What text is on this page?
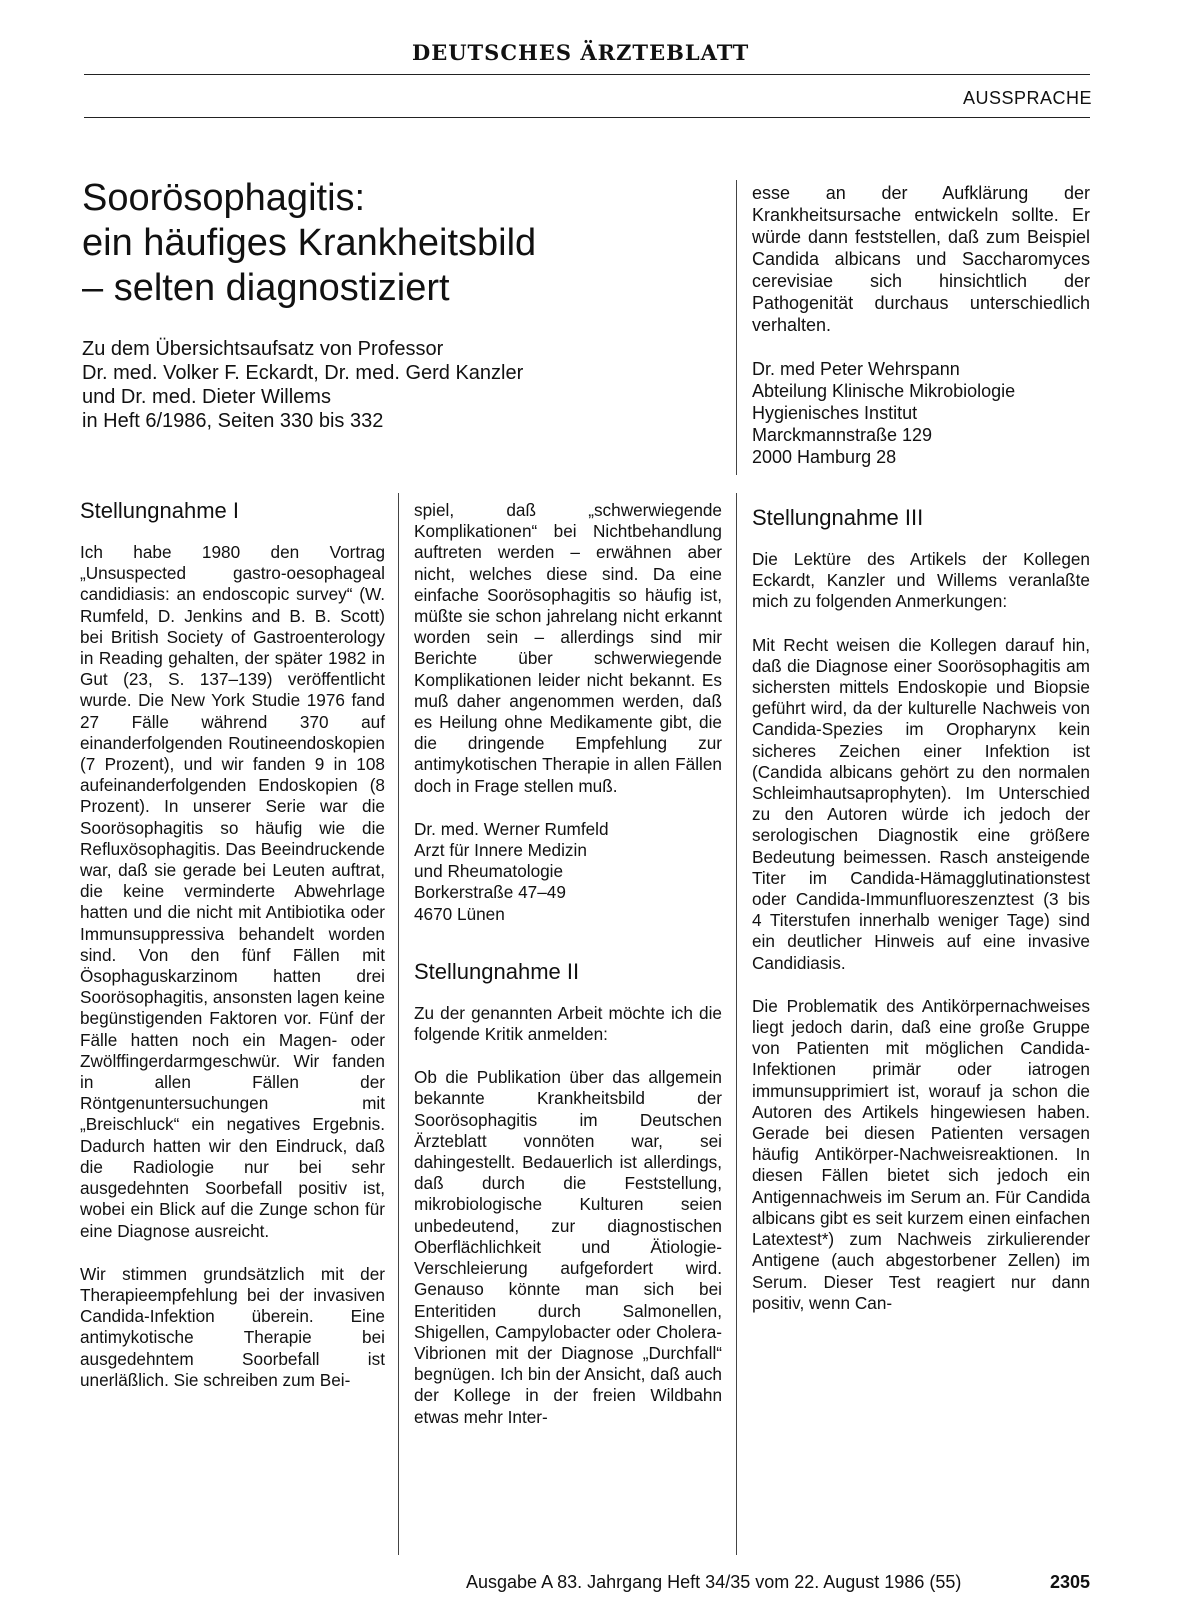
DEUTSCHES ÄRZTEBLATT
AUSSPRACHE
Soorösophagitis:
ein häufiges Krankheitsbild
– selten diagnostiziert
Zu dem Übersichtsaufsatz von Professor
Dr. med. Volker F. Eckardt, Dr. med. Gerd Kanzler
und Dr. med. Dieter Willems
in Heft 6/1986, Seiten 330 bis 332

esse an der Aufklärung der Krankheitsursache entwickeln sollte. Er würde dann feststellen, daß zum Beispiel Candida albicans und Saccharomyces cerevisiae sich hinsichtlich der Pathogenität durchaus unterschiedlich verhalten.

Dr. med Peter Wehrspann
Abteilung Klinische Mikrobiologie
Hygienisches Institut
Marckmannstraße 129
2000 Hamburg 28
Stellungnahme I

Ich habe 1980 den Vortrag „Unsuspected gastro-oesophageal candidiasis: an endoscopic survey“ (W. Rumfeld, D. Jenkins and B. B. Scott) bei British Society of Gastroenterology in Reading gehalten, der später 1982 in Gut (23, S. 137–139) veröffentlicht wurde. Die New York Studie 1976 fand 27 Fälle während 370 auf einanderfolgenden Routineendoskopien (7 Prozent), und wir fanden 9 in 108 aufeinanderfolgenden Endoskopien (8 Prozent). In unserer Serie war die Soorösophagitis so häufig wie die Refluxösophagitis. Das Beeindruckende war, daß sie gerade bei Leuten auftrat, die keine verminderte Abwehrlage hatten und die nicht mit Antibiotika oder Immunsuppressiva behandelt worden sind. Von den fünf Fällen mit Ösophaguskarzinom hatten drei Soorösophagitis, ansonsten lagen keine begünstigenden Faktoren vor. Fünf der Fälle hatten noch ein Magen- oder Zwölffingerdarmgeschwür. Wir fanden in allen Fällen der Röntgenuntersuchungen mit „Breischluck“ ein negatives Ergebnis. Dadurch hatten wir den Eindruck, daß die Radiologie nur bei sehr ausgedehnten Soorbefall positiv ist, wobei ein Blick auf die Zunge schon für eine Diagnose ausreicht.

Wir stimmen grundsätzlich mit der Therapieempfehlung bei der invasiven Candida-Infektion überein. Eine antimykotische Therapie bei ausgedehntem Soorbefall ist unerläßlich. Sie schreiben zum Bei-

spiel, daß „schwerwiegende Komplikationen“ bei Nichtbehandlung auftreten werden – erwähnen aber nicht, welches diese sind. Da eine einfache Soorösophagitis so häufig ist, müßte sie schon jahrelang nicht erkannt worden sein – allerdings sind mir Berichte über schwerwiegende Komplikationen leider nicht bekannt. Es muß daher angenommen werden, daß es Heilung ohne Medikamente gibt, die die dringende Empfehlung zur antimykotischen Therapie in allen Fällen doch in Frage stellen muß.

Dr. med. Werner Rumfeld
Arzt für Innere Medizin
und Rheumatologie
Borkerstraße 47–49
4670 Lünen
Stellungnahme II

Zu der genannten Arbeit möchte ich die folgende Kritik anmelden:

Ob die Publikation über das allgemein bekannte Krankheitsbild der Soorösophagitis im Deutschen Ärzteblatt vonnöten war, sei dahingestellt. Bedauerlich ist allerdings, daß durch die Feststellung, mikrobiologische Kulturen seien unbedeutend, zur diagnostischen Oberflächlichkeit und Ätiologie-Verschleierung aufgefordert wird. Genauso könnte man sich bei Enteritiden durch Salmonellen, Shigellen, Campylobacter oder Cholera-Vibrionen mit der Diagnose „Durchfall“ begnügen. Ich bin der Ansicht, daß auch der Kollege in der freien Wildbahn etwas mehr Inter-

Stellungnahme III

Die Lektüre des Artikels der Kollegen Eckardt, Kanzler und Willems veranlaßte mich zu folgenden Anmerkungen:

Mit Recht weisen die Kollegen darauf hin, daß die Diagnose einer Soorösophagitis am sichersten mittels Endoskopie und Biopsie geführt wird, da der kulturelle Nachweis von Candida-Spezies im Oropharynx kein sicheres Zeichen einer Infektion ist (Candida albicans gehört zu den normalen Schleimhautsaprophyten). Im Unterschied zu den Autoren würde ich jedoch der serologischen Diagnostik eine größere Bedeutung beimessen. Rasch ansteigende Titer im Candida-Hämagglutinationstest oder Candida-Immunfluoreszenztest (3 bis 4 Titerstufen innerhalb weniger Tage) sind ein deutlicher Hinweis auf eine invasive Candidiasis.

Die Problematik des Antikörpernachweises liegt jedoch darin, daß eine große Gruppe von Patienten mit möglichen Candida-Infektionen primär oder iatrogen immunsupprimiert ist, worauf ja schon die Autoren des Artikels hingewiesen haben. Gerade bei diesen Patienten versagen häufig Antikörper-Nachweisreaktionen. In diesen Fällen bietet sich jedoch ein Antigennachweis im Serum an. Für Candida albicans gibt es seit kurzem einen einfachen Latextest*) zum Nachweis zirkulierender Antigene (auch abgestorbener Zellen) im Serum. Dieser Test reagiert nur dann positiv, wenn Can-

Ausgabe A 83. Jahrgang Heft 34/35 vom 22. August 1986 (55)	2305
